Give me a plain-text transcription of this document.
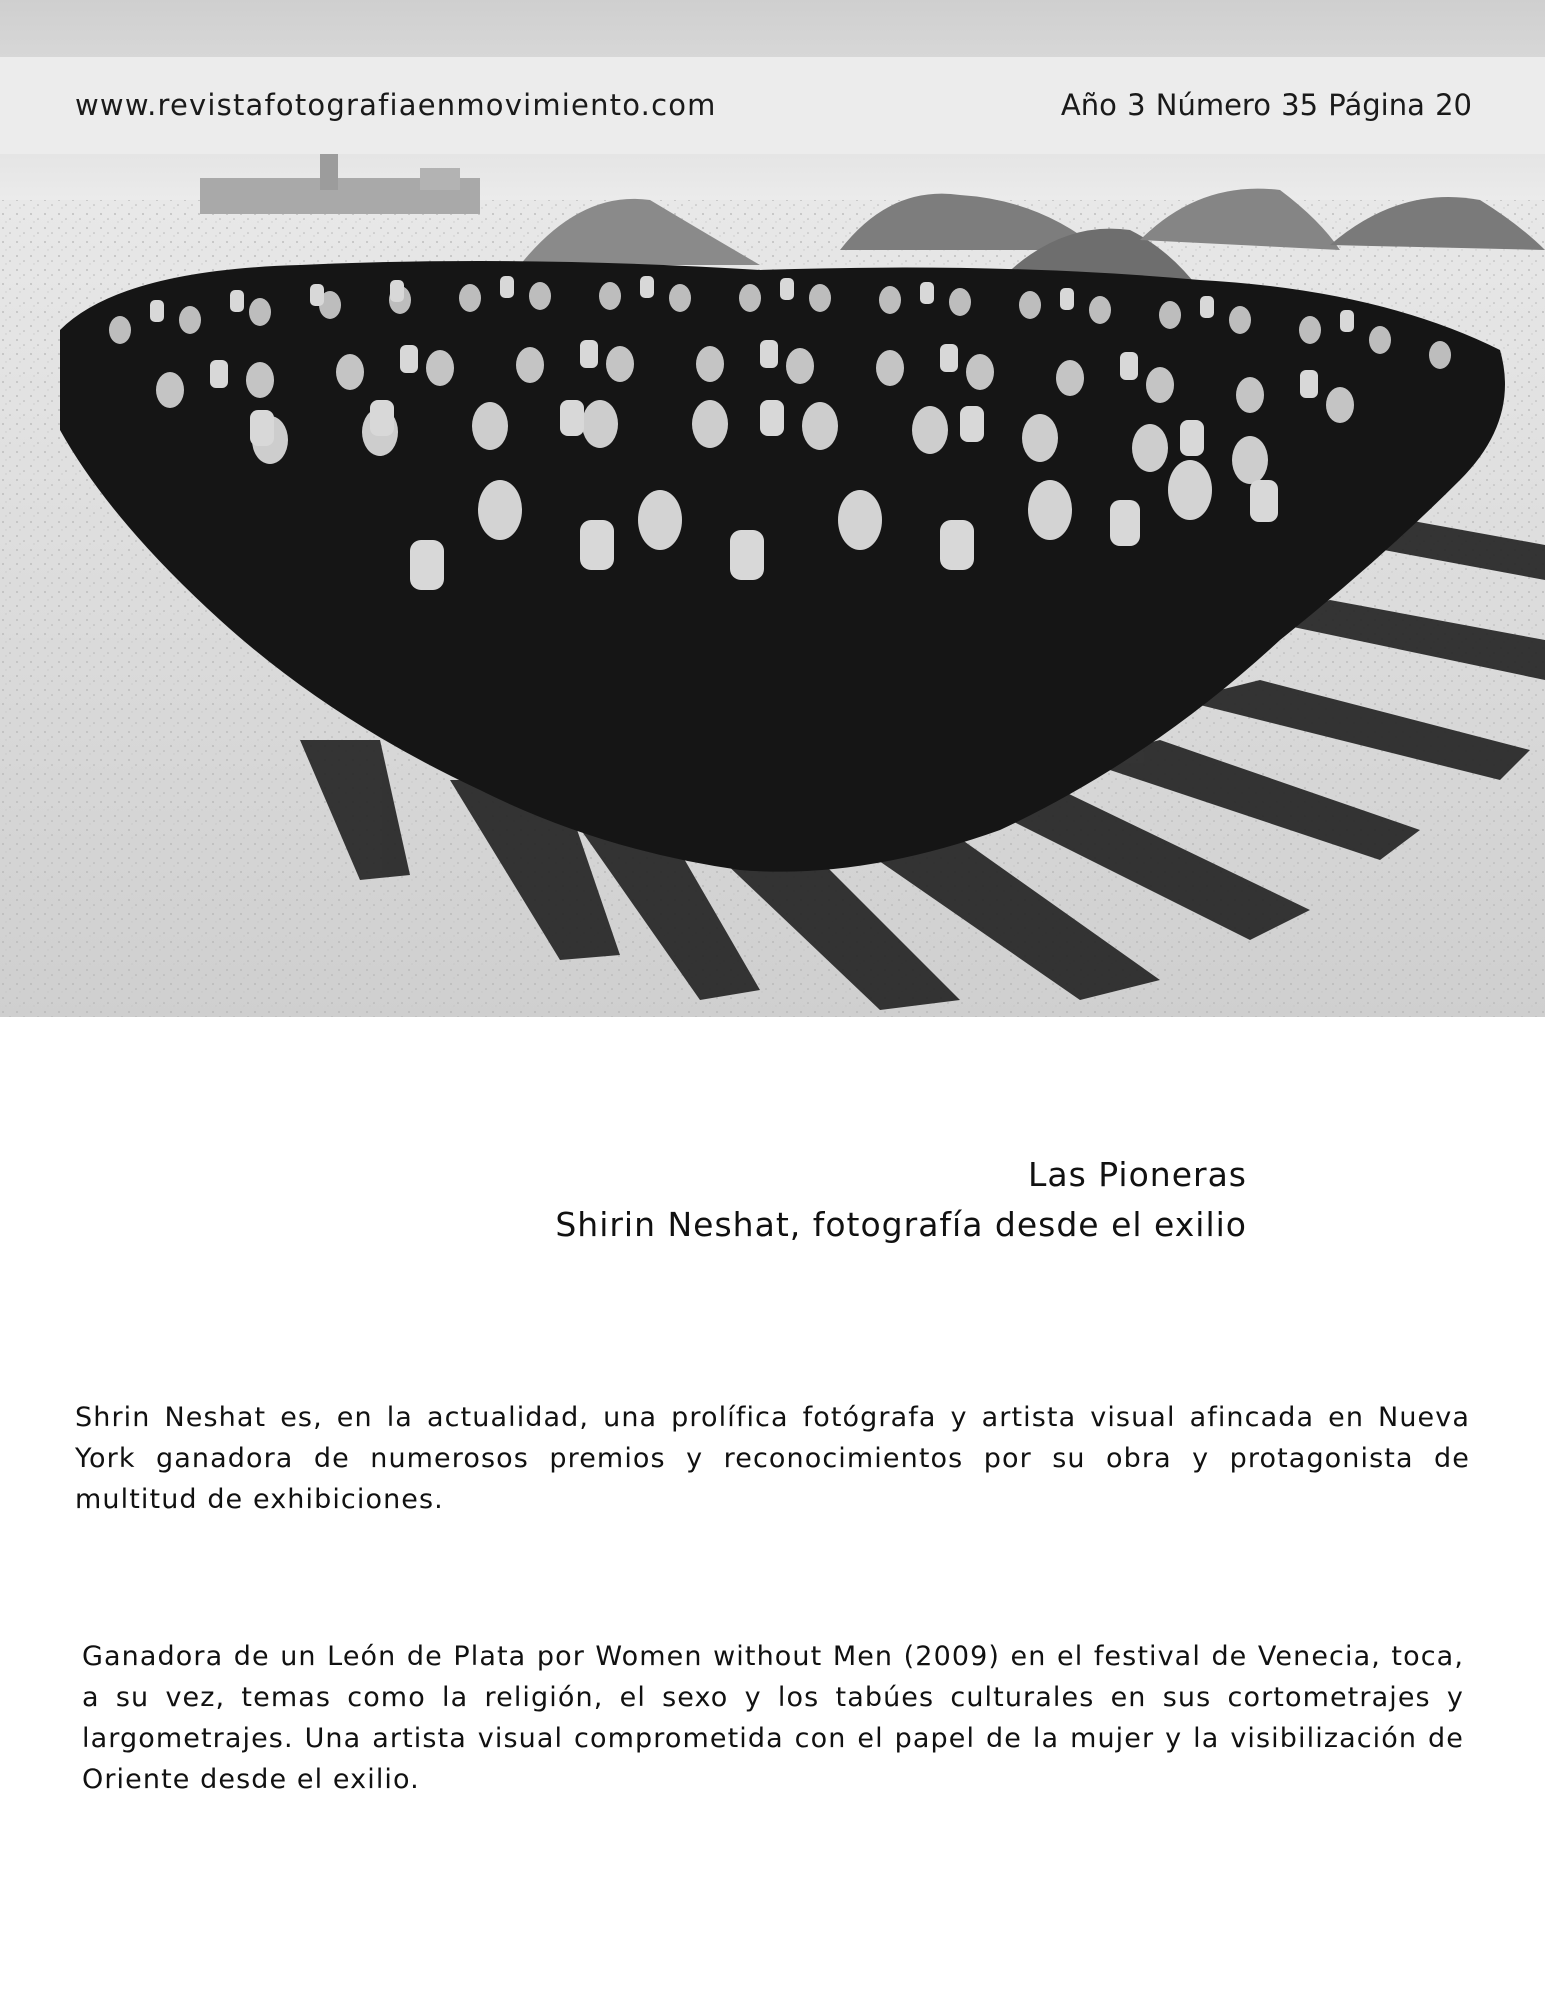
www.revistafotografiaenmovimiento.com	Año 3 Número 35 Página 20
Las Pioneras
Shirin Neshat, fotografía desde el exilio
Shrin Neshat es, en la actualidad, una prolífica fotógrafa y artista visual afincada en Nueva York ganadora de numerosos premios y reconocimientos por su obra y protagonista de multitud de exhibiciones.
Ganadora de un León de Plata por Women without Men (2009) en el festival de Venecia, toca, a su vez, temas como la religión, el sexo y los tabúes culturales en sus cortometrajes y largometrajes. Una artista visual comprometida con el papel de la mujer y la visibilización de Oriente desde el exilio.
